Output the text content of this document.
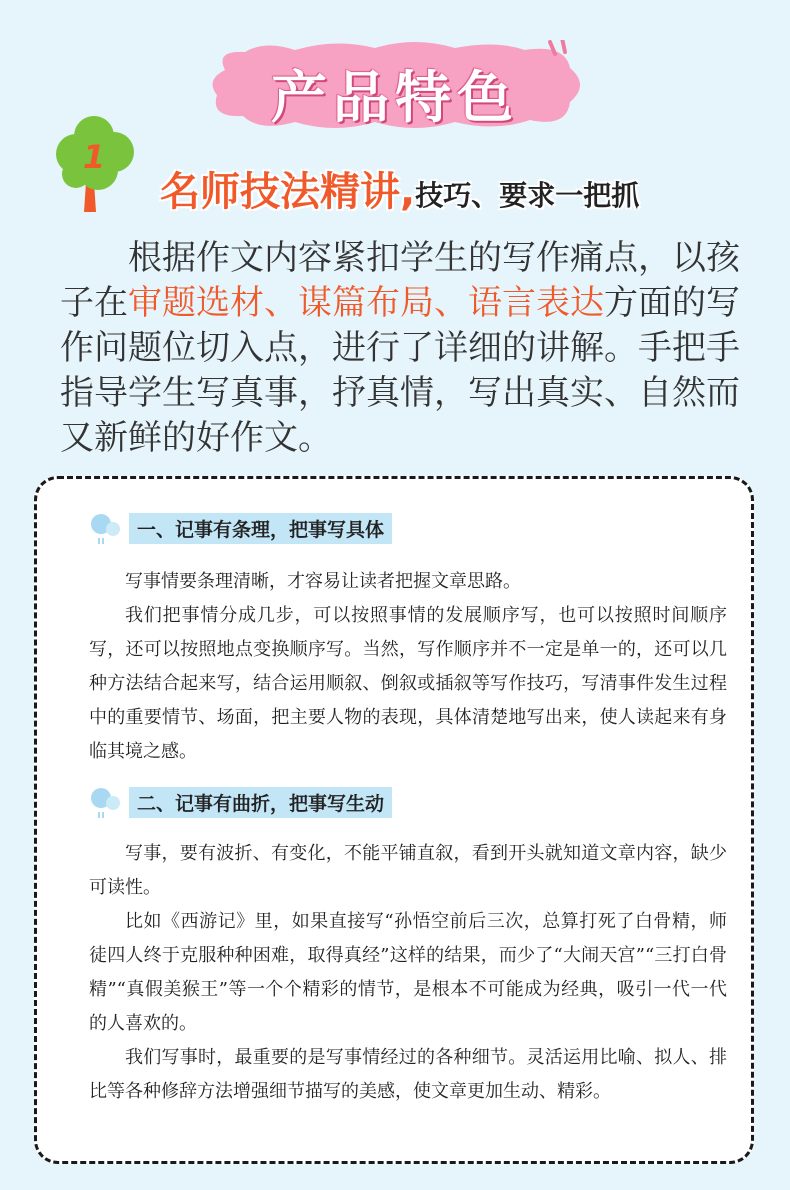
产品特色
1
名师技法精讲,技巧、要求一把抓
根据作文内容紧扣学生的写作痛点，以孩子在审题选材、谋篇布局、语言表达方面的写作问题位切入点，进行了详细的讲解。手把手指导学生写真事，抒真情，写出真实、自然而又新鲜的好作文。
一、记事有条理，把事写具体

写事情要条理清晰，才容易让读者把握文章思路。

我们把事情分成几步，可以按照事情的发展顺序写，也可以按照时间顺序写，还可以按照地点变换顺序写。当然，写作顺序并不一定是单一的，还可以几种方法结合起来写，结合运用顺叙、倒叙或插叙等写作技巧，写清事件发生过程中的重要情节、场面，把主要人物的表现，具体清楚地写出来，使人读起来有身临其境之感。

二、记事有曲折，把事写生动

写事，要有波折、有变化，不能平铺直叙，看到开头就知道文章内容，缺少可读性。

比如《西游记》里，如果直接写“孙悟空前后三次，总算打死了白骨精，师徒四人终于克服种种困难，取得真经”这样的结果，而少了“大闹天宫”“三打白骨精”“真假美猴王”等一个个精彩的情节，是根本不可能成为经典，吸引一代一代的人喜欢的。

我们写事时，最重要的是写事情经过的各种细节。灵活运用比喻、拟人、排比等各种修辞方法增强细节描写的美感，使文章更加生动、精彩。
